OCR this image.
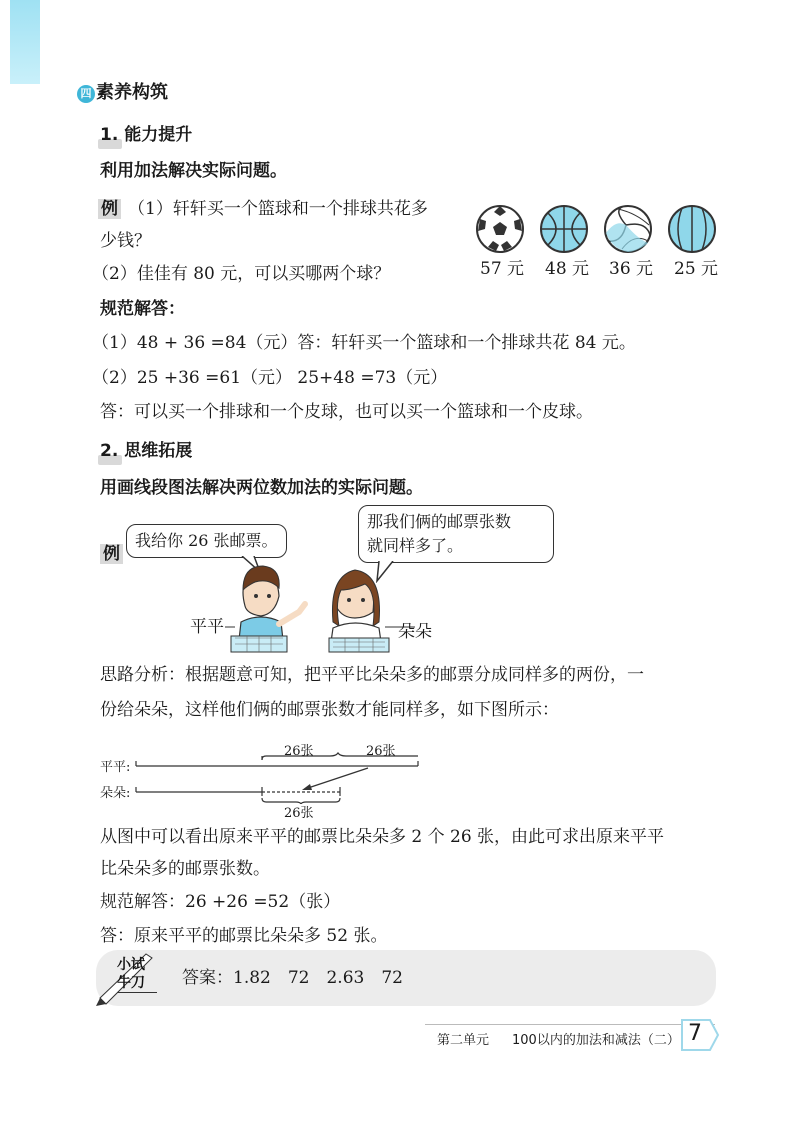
四 素养构筑
1. 能力提升
利用加法解决实际问题。
例 （1）轩轩买一个篮球和一个排球共花多
少钱？
（2）佳佳有 80 元，可以买哪两个球？	57 元 48 元 36 元 25 元
规范解答：
（1）48 + 36 =84（元）答：轩轩买一个篮球和一个排球共花 84 元。
（2）25 +36 =61（元） 25+48 =73（元）
答：可以买一个排球和一个皮球，也可以买一个篮球和一个皮球。
2. 思维拓展
用画线段图法解决两位数加法的实际问题。
例
我给你 26 张邮票。
那我们俩的邮票张数
就同样多了。
平平	朵朵
思路分析：根据题意可知，把平平比朵朵多的邮票分成同样多的两份，一
份给朵朵，这样他们俩的邮票张数才能同样多，如下图所示：
平平:
朵朵:
26张	26张
26张
从图中可以看出原来平平的邮票比朵朵多 2 个 26 张，由此可求出原来平平
比朵朵多的邮票张数。
规范解答：26 +26 =52（张）
答：原来平平的邮票比朵朵多 52 张。
小试
牛刀	答案：1.82　72　2.63　72
第二单元 100以内的加法和减法（二） 7
